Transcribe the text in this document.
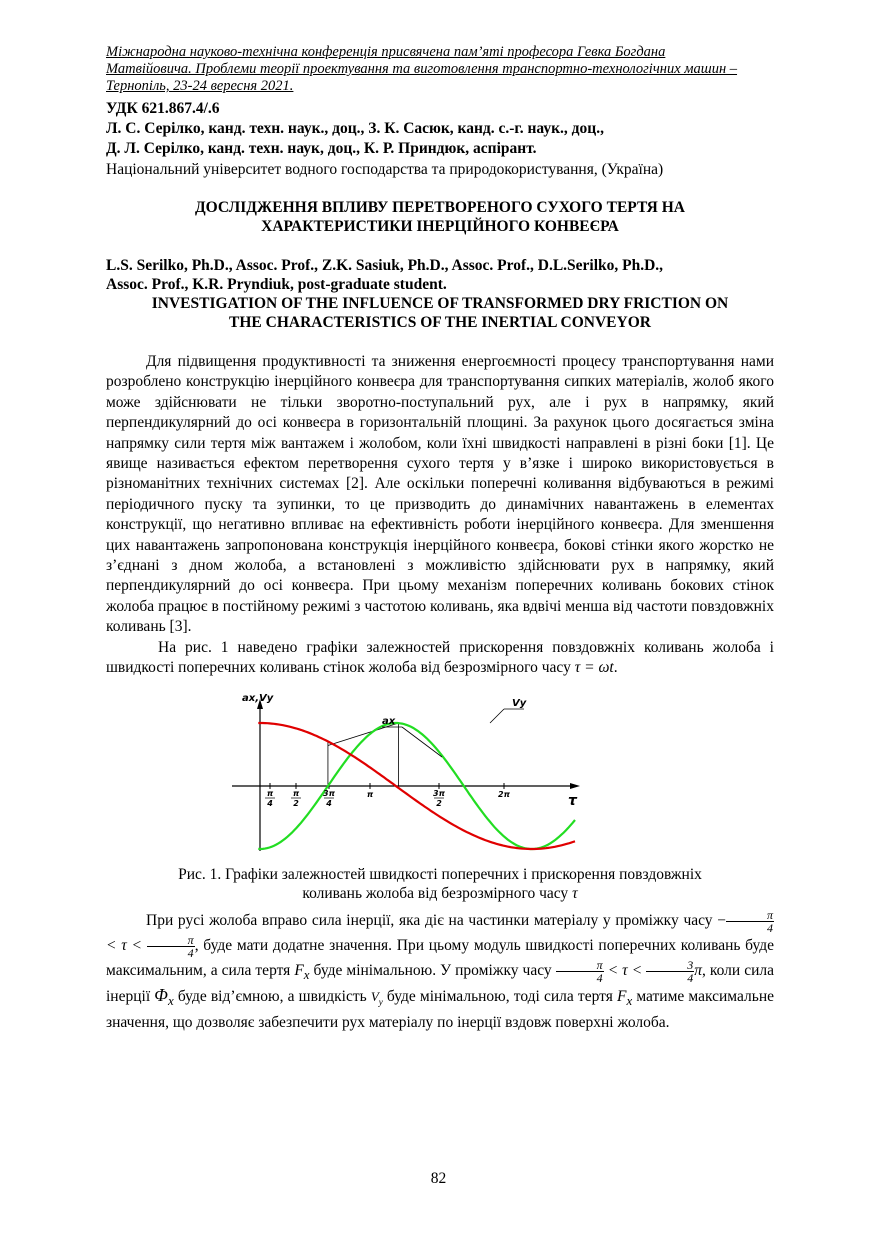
Міжнародна науково-технічна конференція присвячена пам’яті професора Гевка Богдана
Матвійовича. Проблеми теорії проектування та виготовлення транспортно-технологічних машин –
Тернопіль, 23-24 вересня 2021.
УДК 621.867.4/.6
Л. С. Серілко, канд. техн. наук., доц., З. К. Сасюк, канд. с.-г. наук., доц.,
Д. Л. Серілко, канд. техн. наук, доц., К. Р. Приндюк, аспірант.
Національний університет водного господарства та природокористування, (Україна)
ДОСЛІДЖЕННЯ ВПЛИВУ ПЕРЕТВОРЕНОГО СУХОГО ТЕРТЯ НА
ХАРАКТЕРИСТИКИ ІНЕРЦІЙНОГО КОНВЕЄРА
L.S. Serilko, Ph.D., Assoc. Prof., Z.K. Sasiuk, Ph.D., Assoc. Prof., D.L.Serilko, Ph.D.,
Assoc. Prof., K.R. Pryndiuk, post-graduate student.
INVESTIGATION OF THE INFLUENCE OF TRANSFORMED DRY FRICTION ON
THE CHARACTERISTICS OF THE INERTIAL CONVEYOR

Для підвищення продуктивності та зниження енергоємності процесу транспортування нами розроблено конструкцію інерційного конвеєра для транспортування сипких матеріалів, жолоб якого може здійснювати не тільки зворотно-поступальний рух, але і рух в напрямку, який перпендикулярний до осі конвеєра в горизонтальній площині. За рахунок цього досягається зміна напрямку сили тертя між вантажем і жолобом, коли їхні швидкості направлені в різні боки [1]. Це явище називається ефектом перетворення сухого тертя у в’язке і широко використовується в різноманітних технічних системах [2]. Але оскільки поперечні коливання відбуваються в режимі періодичного пуску та зупинки, то це призводить до динамічних навантажень в елементах конструкції, що негативно впливає на ефективність роботи інерційного конвеєра. Для зменшення цих навантажень запропонована конструкція інерційного конвеєра, бокові стінки якого жорстко не з’єднані з дном жолоба, а встановлені з можливістю здійснювати рух в напрямку, який перпендикулярний до осі конвеєра. При цьому механізм поперечних коливань бокових стінок жолоба працює в постійному режимі з частотою коливань, яка вдвічі менша від частоти повздовжніх коливань [3].

На рис. 1 наведено графіки залежностей прискорення повздовжніх коливань жолоба і швидкості поперечних коливань стінок жолоба від безрозмірного часу τ = ωt.

π
4
π
2
3π
4
π	3π
2
2π
ax,Vy
τ
ax
Vy
Рис. 1. Графіки залежностей швидкості поперечних і прискорення повздовжніх
коливань жолоба від безрозмірного часу τ

При русі жолоба вправо сила інерції, яка діє на частинки матеріалу у проміжку часу − $\frac{\pi}{4}$
< $\tau < \frac{\pi}{4}$ , буде мати додатне значення. При цьому модуль швидкості поперечних коливань буде максимальним, а сила тертя $F_x$ буде мінімальною. У проміжку часу $\frac{\pi}{4} < \tau < \frac{3}{4} \pi$, коли сила інерції $\Phi_x$ буде від’ємною, а швидкість $V_y$ буде мінімальною, тоді сила тертя $F_x$ матиме максимальне значення, що дозволяє забезпечити рух матеріалу по інерції вздовж поверхні жолоба.

82
